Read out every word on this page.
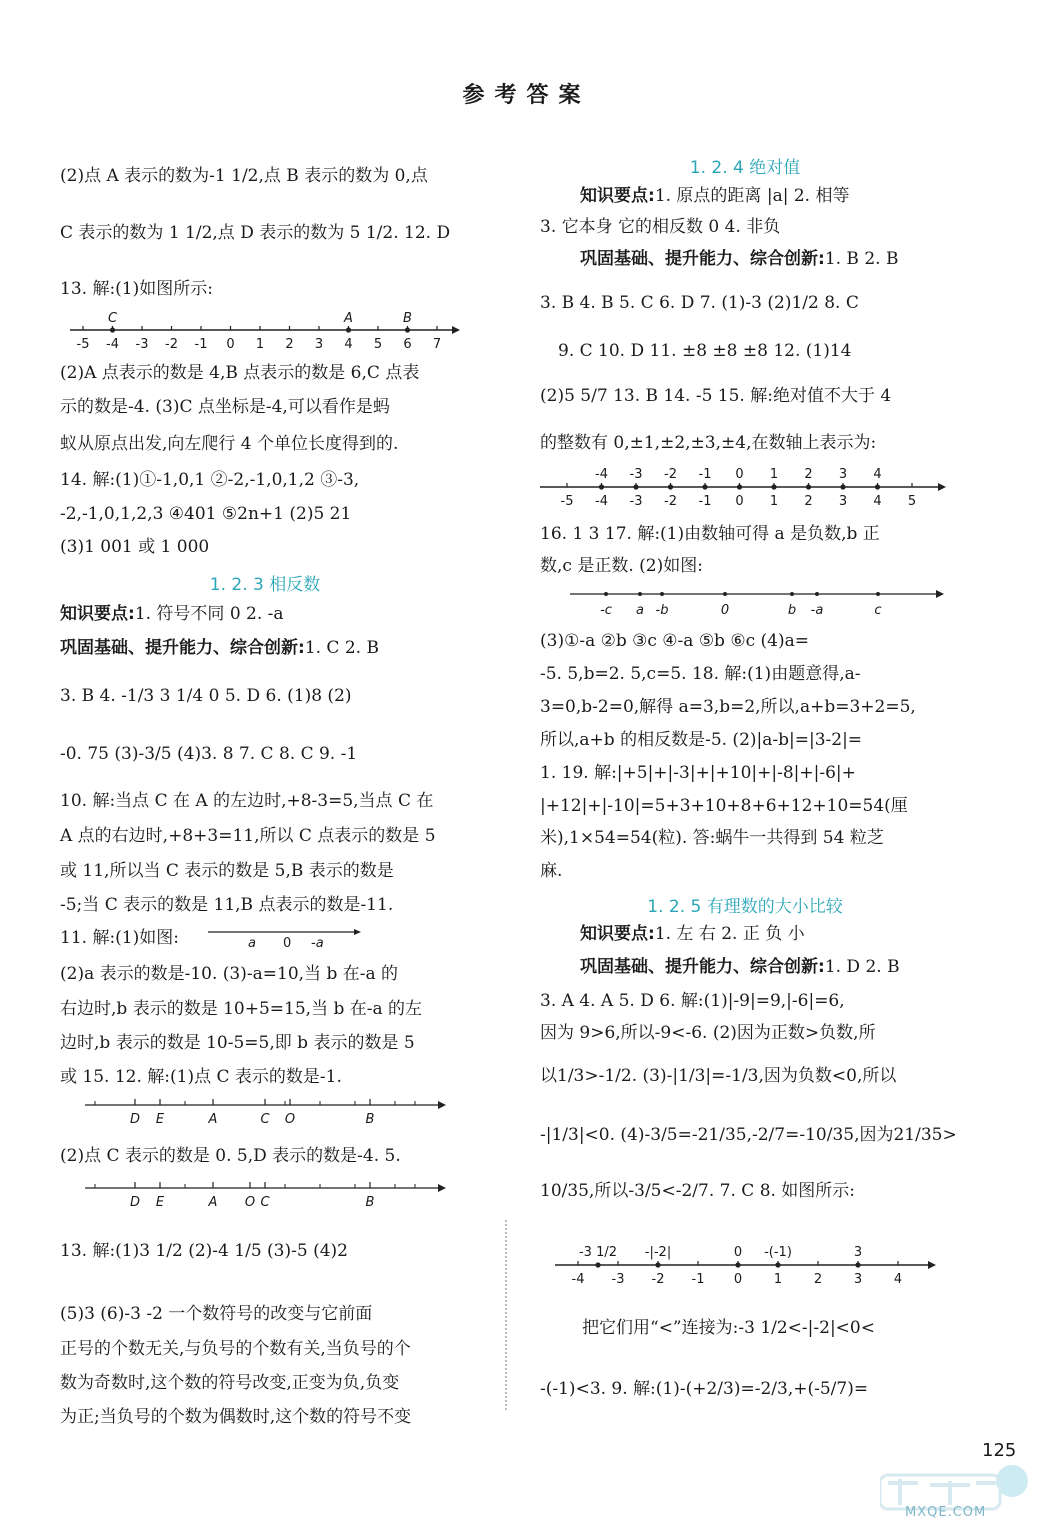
参考答案
(2)点 A 表示的数为-1 1/2,点 B 表示的数为 0,点
C 表示的数为 1 1/2,点 D 表示的数为 5 1/2. 12. D
13. 解:(1)如图所示:
-5 -4 -3 -2 -1 0 1 2 3 4 5 6 7
C	A	B
(2)A 点表示的数是 4,B 点表示的数是 6,C 点表
示的数是-4. (3)C 点坐标是-4,可以看作是蚂
蚁从原点出发,向左爬行 4 个单位长度得到的.
14. 解:(1)①-1,0,1 ②-2,-1,0,1,2 ③-3,
-2,-1,0,1,2,3 ④401 ⑤2n+1 (2)5 21
(3)1 001 或 1 000
1. 2. 3 相反数
知识要点:1. 符号不同 0 2. -a
巩固基础、提升能力、综合创新:1. C 2. B
3. B 4. -1/3 3 1/4 0 5. D 6. (1)8 (2)
-0. 75 (3)-3/5 (4)3. 8 7. C 8. C 9. -1
10. 解:当点 C 在 A 的左边时,+8-3=5,当点 C 在
A 点的右边时,+8+3=11,所以 C 点表示的数是 5
或 11,所以当 C 表示的数是 5,B 表示的数是
-5;当 C 表示的数是 11,B 点表示的数是-11.
11. 解:(1)如图:	a 0 -a
(2)a 表示的数是-10. (3)-a=10,当 b 在-a 的
右边时,b 表示的数是 10+5=15,当 b 在-a 的左
边时,b 表示的数是 10-5=5,即 b 表示的数是 5
或 15. 12. 解:(1)点 C 表示的数是-1.
D E	A	C O	B
(2)点 C 表示的数是 0. 5,D 表示的数是-4. 5.
D E	A O C	B
13. 解:(1)3 1/2 (2)-4 1/5 (3)-5 (4)2
(5)3 (6)-3 -2 一个数符号的改变与它前面
正号的个数无关,与负号的个数有关,当负号的个
数为奇数时,这个数的符号改变,正变为负,负变
为正;当负号的个数为偶数时,这个数的符号不变
1. 2. 4 绝对值
知识要点:1. 原点的距离 |a| 2. 相等
3. 它本身 它的相反数 0 4. 非负
巩固基础、提升能力、综合创新:1. B 2. B
3. B 4. B 5. C 6. D 7. (1)-3 (2)1/2 8. C
9. C 10. D 11. ±8 ±8 ±8 12. (1)14
(2)5 5/7 13. B 14. -5 15. 解:绝对值不大于 4
的整数有 0,±1,±2,±3,±4,在数轴上表示为:
-5 -4 -3 -2 -1 0 1 2 3 4 5
-4 -3 -2 -1 0 1 2 3 4
16. 1 3 17. 解:(1)由数轴可得 a 是负数,b 正
数,c 是正数. (2)如图:
-c a -b	0	b -a	c
(3)①-a ②b ③c ④-a ⑤b ⑥c (4)a=
-5. 5,b=2. 5,c=5. 18. 解:(1)由题意得,a-
3=0,b-2=0,解得 a=3,b=2,所以,a+b=3+2=5,
所以,a+b 的相反数是-5. (2)|a-b|=|3-2|=
1. 19. 解:|+5|+|-3|+|+10|+|-8|+|-6|+
|+12|+|-10|=5+3+10+8+6+12+10=54(厘
米),1×54=54(粒). 答:蜗牛一共得到 54 粒芝
麻.
1. 2. 5 有理数的大小比较
知识要点:1. 左 右 2. 正 负 小
巩固基础、提升能力、综合创新:1. D 2. B
3. A 4. A 5. D 6. 解:(1)|-9|=9,|-6|=6,
因为 9>6,所以-9<-6. (2)因为正数>负数,所
以1/3>-1/2. (3)-|1/3|=-1/3,因为负数<0,所以
-|1/3|<0. (4)-3/5=-21/35,-2/7=-10/35,因为21/35>
10/35,所以-3/5<-2/7. 7. C 8. 如图所示:
-4 -3 -2 -1 0 1 2 3 4
-3 1/2 -|-2|	0 -(-1)	3
把它们用“<”连接为:-3 1/2<-|-2|<0<
-(-1)<3. 9. 解:(1)-(+2/3)=-2/3,+(-5/7)=
125
MXQE.COM
